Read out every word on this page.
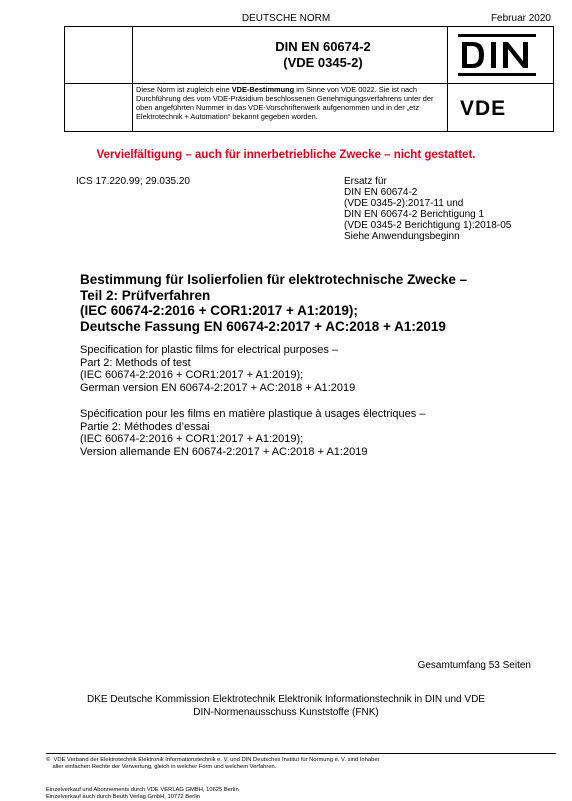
DEUTSCHE NORM	Februar 2020
DIN EN 60674-2
(VDE 0345-2)
VDE
Diese Norm ist zugleich eine VDE-Bestimmung im Sinne von VDE 0022. Sie ist nach Durchführung des vom VDE-Präsidium beschlossenen Genehmigungsverfahrens unter der oben angeführten Nummer in das VDE-Vorschriftenwerk aufgenommen und in der „etz Elektrotechnik + Automation“ bekannt gegeben worden.
Vervielfältigung – auch für innerbetriebliche Zwecke – nicht gestattet.
ICS 17.220.99; 29.035.20	Ersatz für
DIN EN 60674-2
(VDE 0345-2):2017-11 und
DIN EN 60674-2 Berichtigung 1
(VDE 0345-2 Berichtigung 1):2018-05
Siehe Anwendungsbeginn
Bestimmung für Isolierfolien für elektrotechnische Zwecke –
Teil 2: Prüfverfahren
(IEC 60674-2:2016 + COR1:2017 + A1:2019);
Deutsche Fassung EN 60674-2:2017 + AC:2018 + A1:2019
Specification for plastic films for electrical purposes –
Part 2: Methods of test
(IEC 60674-2:2016 + COR1:2017 + A1:2019);
German version EN 60674-2:2017 + AC:2018 + A1:2019
Spécification pour les films en matière plastique à usages électriques –
Partie 2: Méthodes d’essai
(IEC 60674-2:2016 + COR1:2017 + A1:2019);
Version allemande EN 60674-2:2017 + AC:2018 + A1:2019
Gesamtumfang 53 Seiten
DKE Deutsche Kommission Elektrotechnik Elektronik Informationstechnik in DIN und VDE
DIN-Normenausschuss Kunststoffe (FNK)
©  VDE Verband der Elektrotechnik Elektronik Informationstechnik e. V. und DIN Deutsches Institut für Normung e. V. sind Inhaber
aller einfachen Rechte der Verwertung, gleich in welcher Form und welchem Verfahren.
Einzelverkauf und Abonnements durch VDE VERLAG GMBH, 10625 Berlin
Einzelverkauf auch durch Beuth Verlag GmbH, 10772 Berlin
